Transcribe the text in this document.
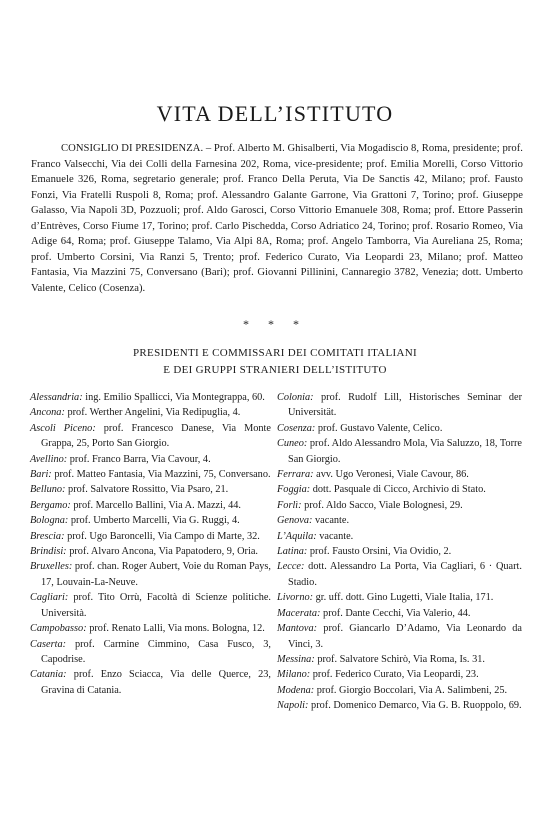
VITA DELL’ISTITUTO

CONSIGLIO DI PRESIDENZA. – Prof. Alberto M. Ghisalberti, Via Mogadiscio 8, Roma, presidente; prof. Franco Valsecchi, Via dei Colli della Farnesina 202, Roma, vice-presidente; prof. Emilia Morelli, Corso Vittorio Emanuele 326, Roma, segretario generale; prof. Franco Della Peruta, Via De Sanctis 42, Milano; prof. Fausto Fonzi, Via Fratelli Ruspoli 8, Roma; prof. Alessandro Galante Garrone, Via Grattoni 7, Torino; prof. Giuseppe Galasso, Via Napoli 3D, Pozzuoli; prof. Aldo Garosci, Corso Vittorio Emanuele 308, Roma; prof. Ettore Passerin d’Entrèves, Corso Fiume 17, Torino; prof. Carlo Pischedda, Corso Adriatico 24, Torino; prof. Rosario Romeo, Via Adige 64, Roma; prof. Giuseppe Talamo, Via Alpi 8A, Roma; prof. Angelo Tamborra, Via Aureliana 25, Roma; prof. Umberto Corsini, Via Ranzi 5, Trento; prof. Federico Curato, Via Leopardi 23, Milano; prof. Matteo Fantasia, Via Mazzini 75, Conversano (Bari); prof. Giovanni Pillinini, Cannaregio 3782, Venezia; dott. Umberto Valente, Celico (Cosenza).

* * *
PRESIDENTI E COMMISSARI DEI COMITATI ITALIANI
E DEI GRUPPI STRANIERI DELL’ISTITUTO
Alessandria: ing. Emilio Spallicci, Via Montegrappa, 60.
Ancona: prof. Werther Angelini, Via Redipuglia, 4.
Ascoli Piceno: prof. Francesco Danese, Via Monte Grappa, 25, Porto San Giorgio.
Avellino: prof. Franco Barra, Via Cavour, 4.
Bari: prof. Matteo Fantasia, Via Mazzini, 75, Conversano.
Belluno: prof. Salvatore Rossitto, Via Psaro, 21.
Bergamo: prof. Marcello Ballini, Via A. Mazzi, 44.
Bologna: prof. Umberto Marcelli, Via G. Ruggi, 4.
Brescia: prof. Ugo Baroncelli, Via Campo di Marte, 32.
Brindisi: prof. Alvaro Ancona, Via Papatodero, 9, Oria.
Bruxelles: prof. chan. Roger Aubert, Voie du Roman Pays, 17, Louvain-La-Neuve.
Cagliari: prof. Tito Orrù, Facoltà di Scienze politiche. Università.
Campobasso: prof. Renato Lalli, Via mons. Bologna, 12.
Caserta: prof. Carmine Cimmino, Casa Fusco, 3, Capodrise.
Catania: prof. Enzo Sciacca, Via delle Querce, 23, Gravina di Catania.
Colonia: prof. Rudolf Lill, Historisches Seminar der Universität.
Cosenza: prof. Gustavo Valente, Celico.
Cuneo: prof. Aldo Alessandro Mola, Via Saluzzo, 18, Torre San Giorgio.
Ferrara: avv. Ugo Veronesi, Viale Cavour, 86.
Foggia: dott. Pasquale di Cicco, Archivio di Stato.
Forlì: prof. Aldo Sacco, Viale Bolognesi, 29.
Genova: vacante.
L’Aquila: vacante.
Latina: prof. Fausto Orsini, Via Ovidio, 2.
Lecce: dott. Alessandro La Porta, Via Cagliari, 6 · Quart. Stadio.
Livorno: gr. uff. dott. Gino Lugetti, Viale Italia, 171.
Macerata: prof. Dante Cecchi, Via Valerio, 44.
Mantova: prof. Giancarlo D’Adamo, Via Leonardo da Vinci, 3.
Messina: prof. Salvatore Schirò, Via Roma, Is. 31.
Milano: prof. Federico Curato, Via Leopardi, 23.
Modena: prof. Giorgio Boccolari, Via A. Salimbeni, 25.
Napoli: prof. Domenico Demarco, Via G. B. Ruoppolo, 69.
